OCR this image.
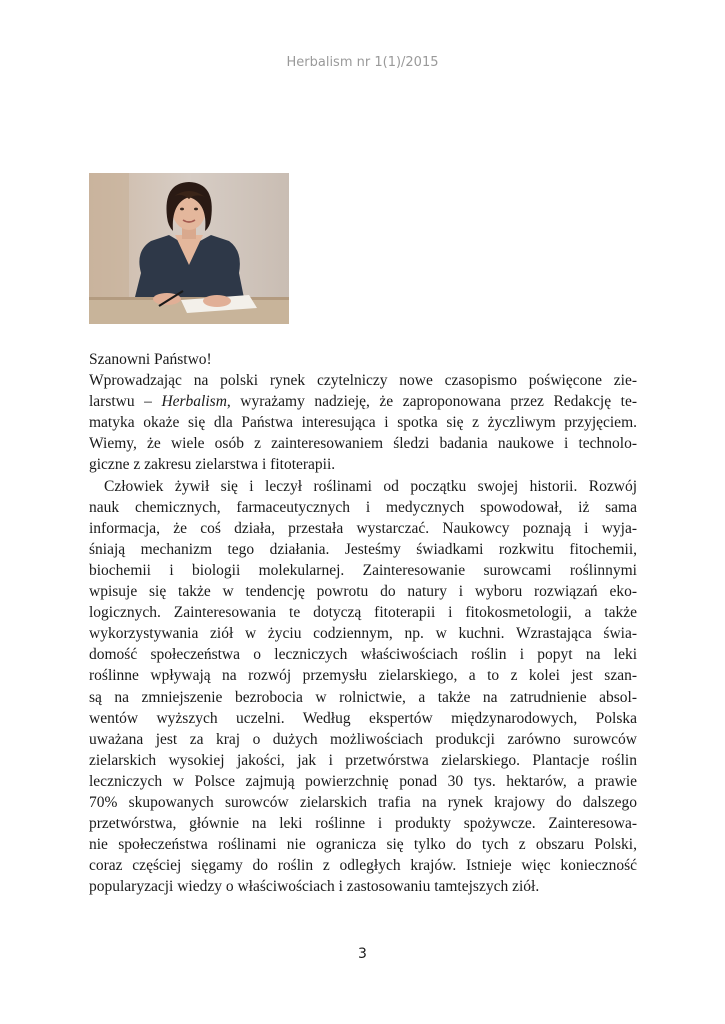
Herbalism nr 1(1)/2015
Szanowni Państwo!
Wprowadzając na polski rynek czytelniczy nowe czasopismo poświęcone zie-
larstwu – Herbalism, wyrażamy nadzieję, że zaproponowana przez Redakcję te-
matyka okaże się dla Państwa interesująca i spotka się z życzliwym przyjęciem.
Wiemy, że wiele osób z zainteresowaniem śledzi badania naukowe i technolo-
giczne z zakresu zielarstwa i fitoterapii.
Człowiek żywił się i leczył roślinami od początku swojej historii. Rozwój
nauk chemicznych, farmaceutycznych i medycznych spowodował, iż sama
informacja, że coś działa, przestała wystarczać. Naukowcy poznają i wyja-
śniają mechanizm tego działania. Jesteśmy świadkami rozkwitu fitochemii,
biochemii i biologii molekularnej. Zainteresowanie surowcami roślinnymi
wpisuje się także w tendencję powrotu do natury i wyboru rozwiązań eko-
logicznych. Zainteresowania te dotyczą fitoterapii i fitokosmetologii, a także
wykorzystywania ziół w życiu codziennym, np. w kuchni. Wzrastająca świa-
domość społeczeństwa o leczniczych właściwościach roślin i popyt na leki
roślinne wpływają na rozwój przemysłu zielarskiego, a to z kolei jest szan-
są na zmniejszenie bezrobocia w rolnictwie, a także na zatrudnienie absol-
wentów wyższych uczelni. Według ekspertów międzynarodowych, Polska
uważana jest za kraj o dużych możliwościach produkcji zarówno surowców
zielarskich wysokiej jakości, jak i przetwórstwa zielarskiego. Plantacje roślin
leczniczych w Polsce zajmują powierzchnię ponad 30 tys. hektarów, a prawie
70% skupowanych surowców zielarskich trafia na rynek krajowy do dalszego
przetwórstwa, głównie na leki roślinne i produkty spożywcze. Zainteresowa-
nie społeczeństwa roślinami nie ogranicza się tylko do tych z obszaru Polski,
coraz częściej sięgamy do roślin z odległych krajów. Istnieje więc konieczność
popularyzacji wiedzy o właściwościach i zastosowaniu tamtejszych ziół.
3
